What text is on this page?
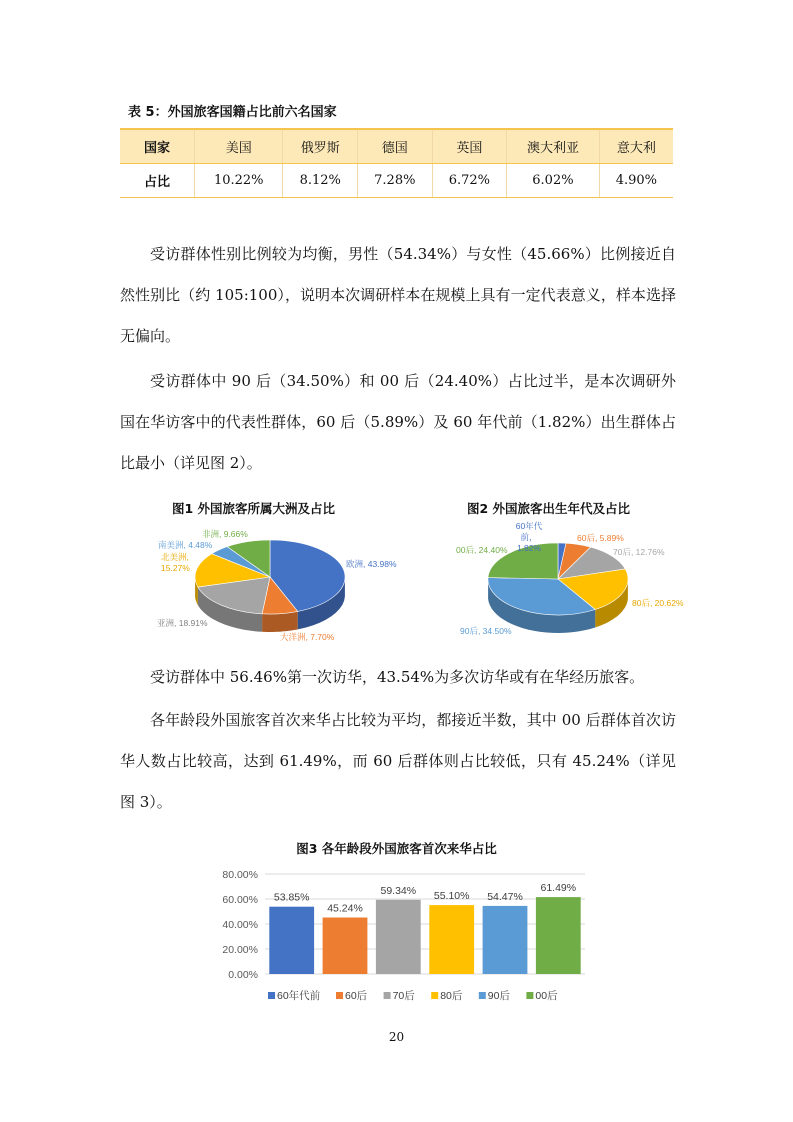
表 5：外国旅客国籍占比前六名国家
国家	美国	俄罗斯	德国	英国	澳大利亚	意大利
占比	10.22%	8.12%	7.28%	6.72%	6.02%	4.90%

受访群体性别比例较为均衡，男性（54.34%）与女性（45.66%）比例接近自然性别比（约 105:100），说明本次调研样本在规模上具有一定代表意义，样本选择无偏向。

受访群体中 90 后（34.50%）和 00 后（24.40%）占比过半，是本次调研外国在华访客中的代表性群体，60 后（5.89%）及 60 年代前（1.82%）出生群体占比最小（详见图 2）。

图1 外国旅客所属大洲及占比
非洲, 9.66%
南美洲, 4.48%
北美洲, 15.27%	欧洲, 43.98%
亚洲, 18.91%
大洋洲, 7.70%
图2 外国旅客出生年代及占比
60年代前，1.82%
60后, 5.89%
70后, 12.76%
00后, 24.40%
80后, 20.62%
90后, 34.50%

受访群体中 56.46%第一次访华，43.54%为多次访华或有在华经历旅客。

各年龄段外国旅客首次来华占比较为平均，都接近半数，其中 00 后群体首次访华人数占比较高，达到 61.49%，而 60 后群体则占比较低，只有 45.24%（详见图 3）。

图3 各年龄段外国旅客首次来华占比
80.00%
60.00%
40.00%
20.00%
0.00%
53.85%
45.24%
59.34% 55.10% 54.47%
61.49%
60年代前 60后 70后 80后 90后 00后
20
